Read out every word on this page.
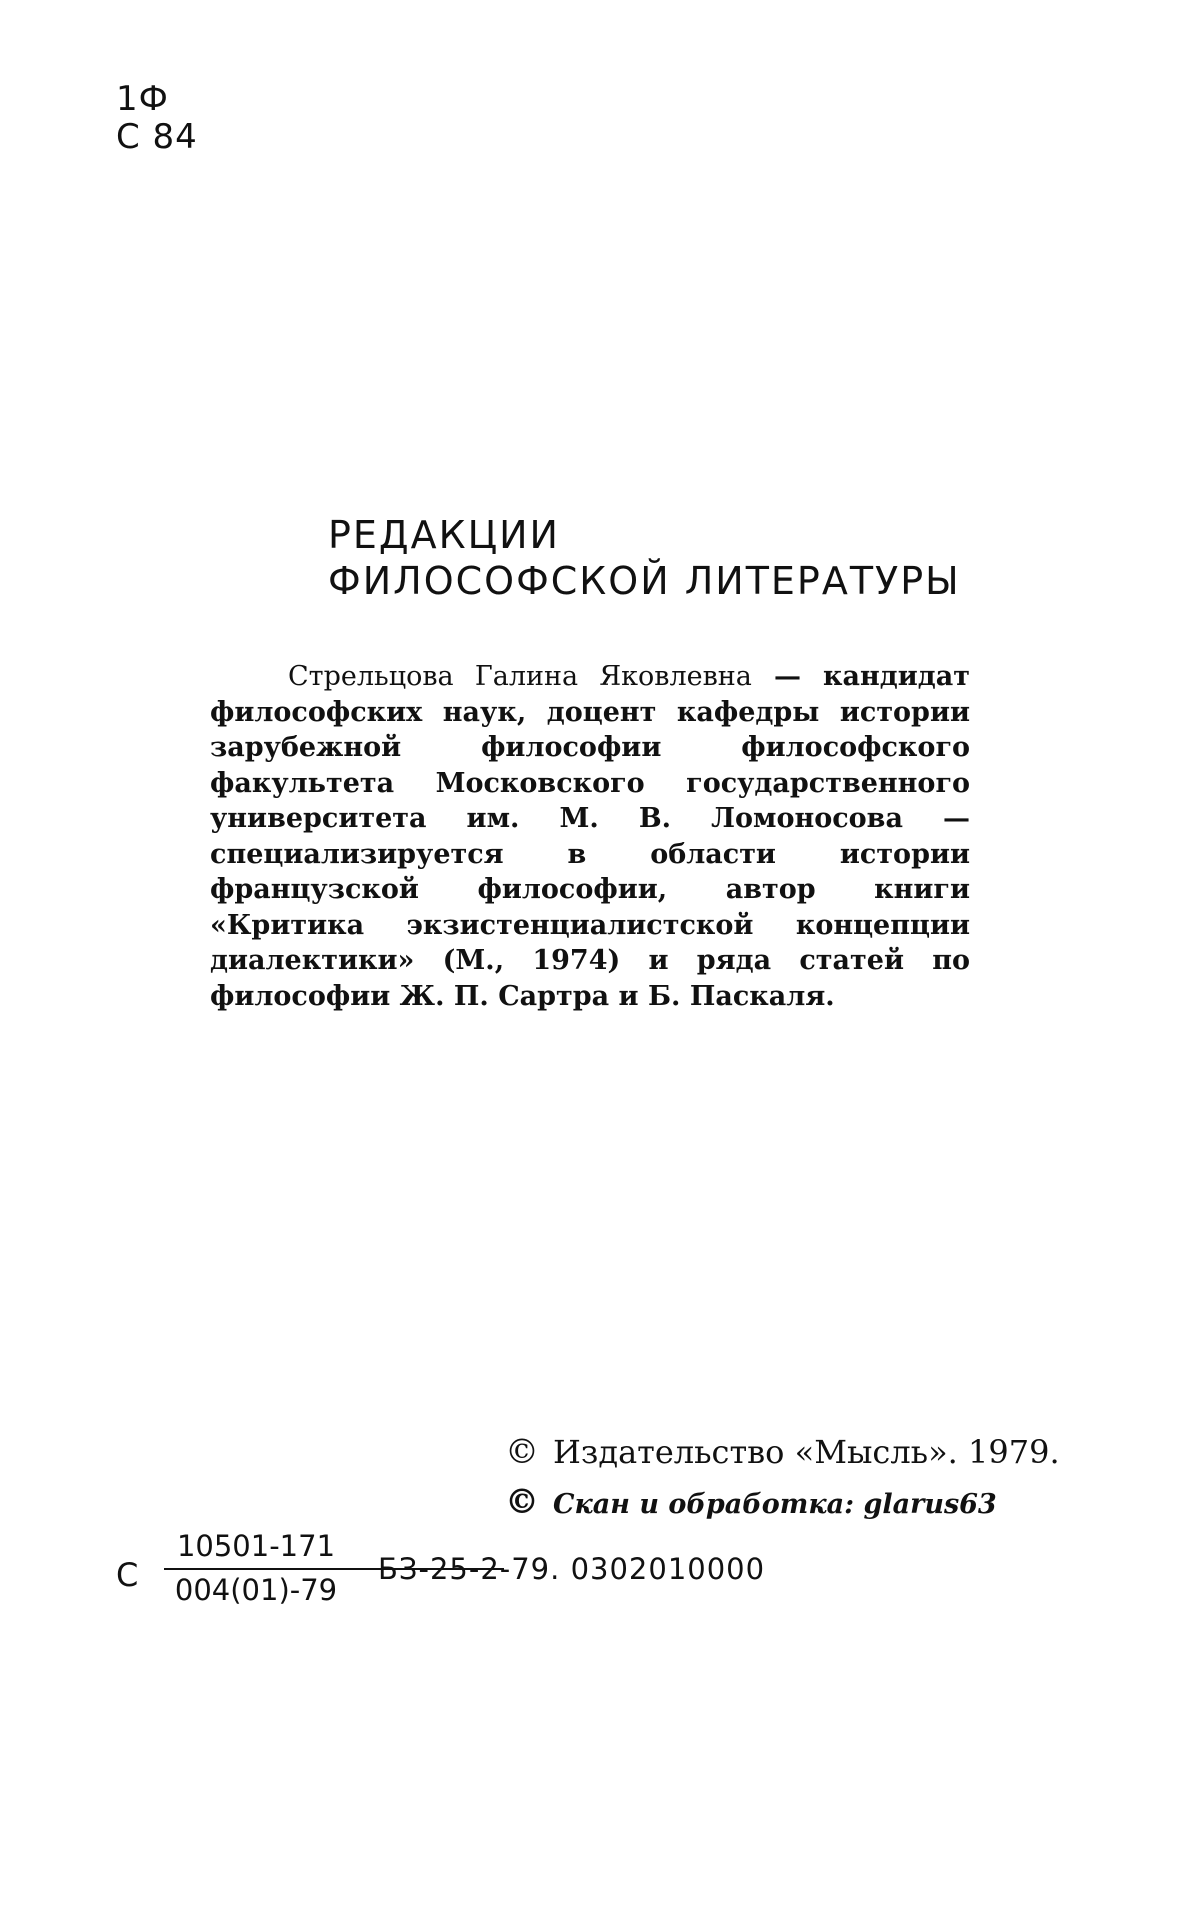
1Ф
С 84
РЕДАКЦИИ
ФИЛОСОФСКОЙ ЛИТЕРАТУРЫ

Стрельцова Галина Яковлевна — кандидат философских наук, доцент кафедры истории зарубежной философии философского факультета Московского государственного университета им. М. В. Ломоносова — специализируется в области истории французской философии, автор книги «Критика экзистенциалистской концепции диалектики» (М., 1974) и ряда статей по философии Ж. П. Сартра и Б. Паскаля.

© Издательство «Мысль». 1979.
© Скан и обработка: glarus63
С
10501-171
004(01)-79
БЗ-25-2-79. 0302010000
